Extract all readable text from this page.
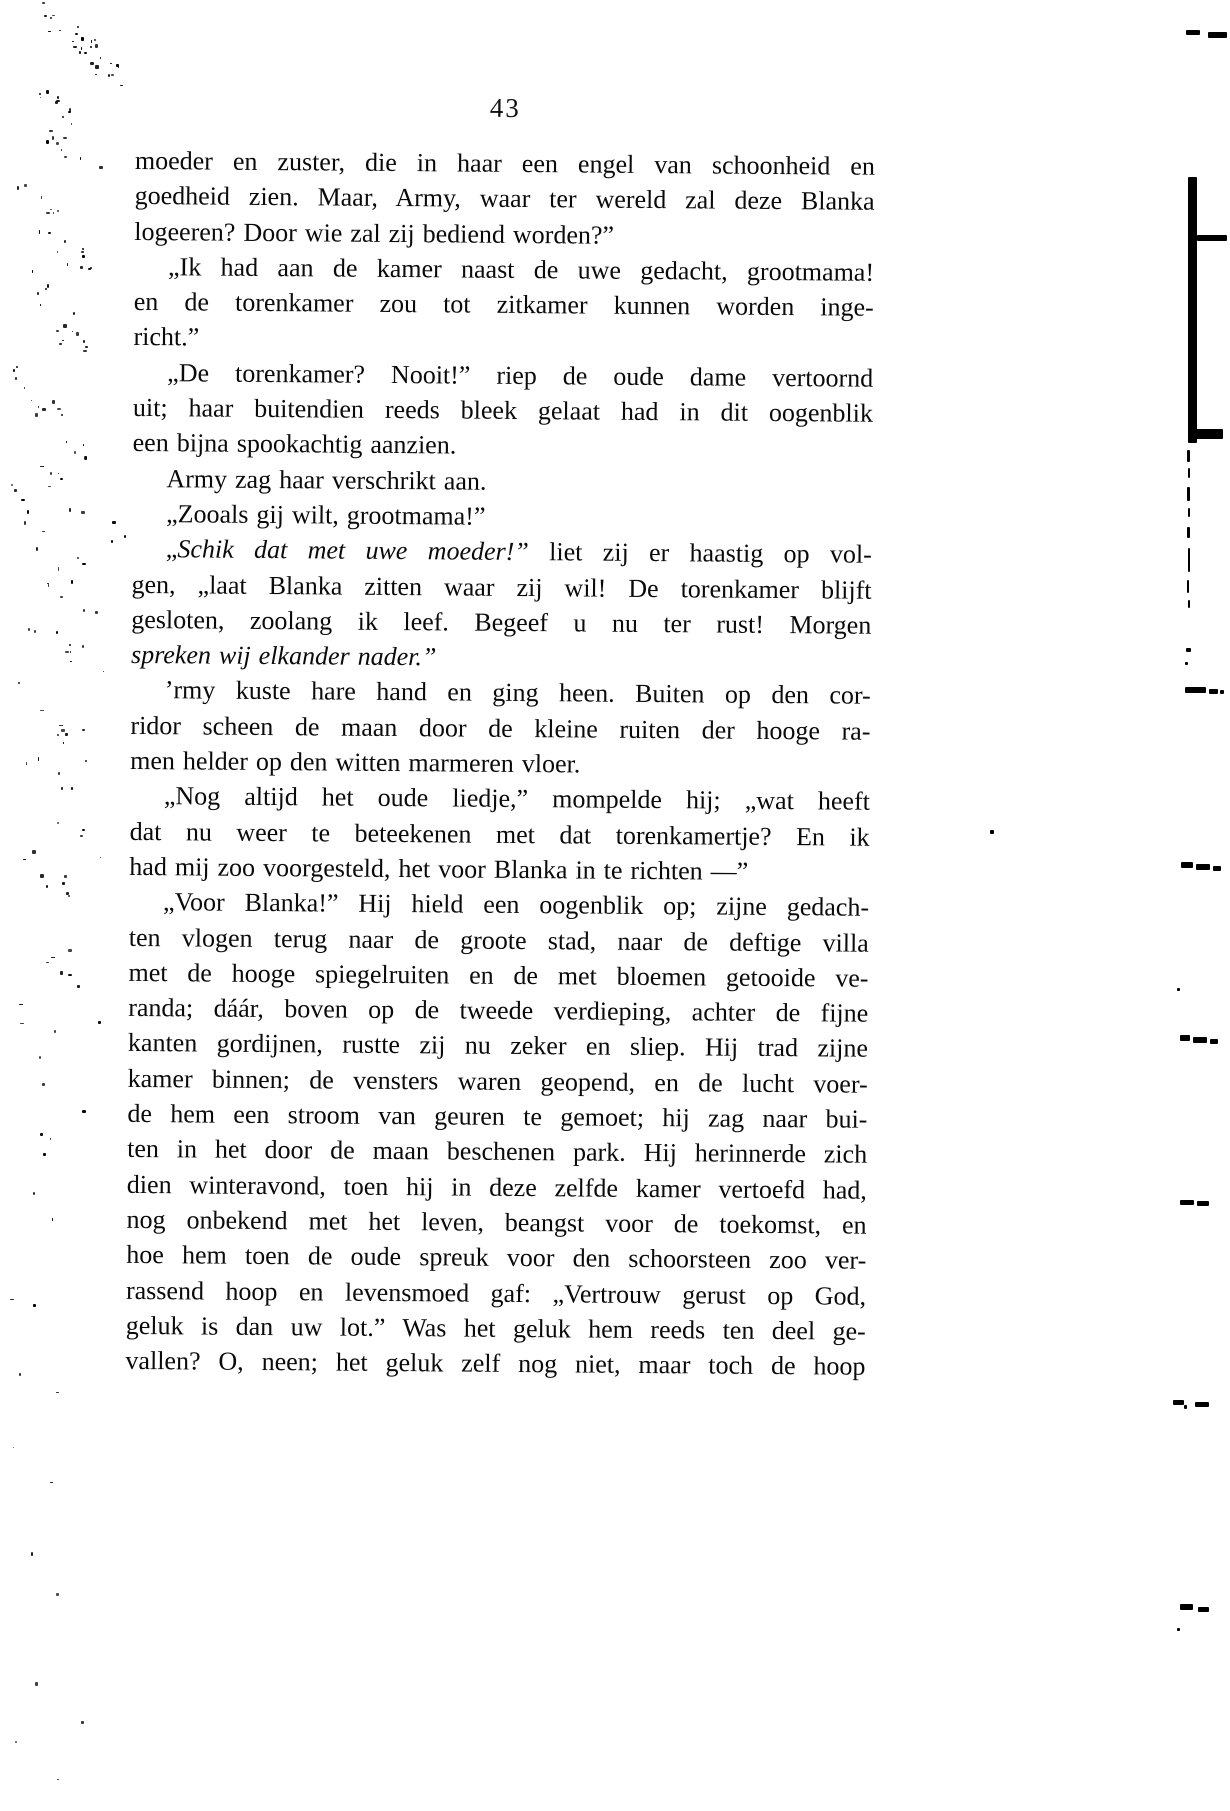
43
moeder en zuster, die in haar een engel van schoonheid en
goedheid zien. Maar, Army, waar ter wereld zal deze Blanka
logeeren? Door wie zal zij bediend worden?”
„Ik had aan de kamer naast de uwe gedacht, grootmama!
en de torenkamer zou tot zitkamer kunnen worden inge-
richt.”
„De torenkamer? Nooit!” riep de oude dame vertoornd
uit; haar buitendien reeds bleek gelaat had in dit oogenblik
een bijna spookachtig aanzien.
Army zag haar verschrikt aan.
„Zooals gij wilt, grootmama!”
„Schik dat met uwe moeder!” liet zij er haastig op vol-
gen, „laat Blanka zitten waar zij wil! De torenkamer blijft
gesloten, zoolang ik leef. Begeef u nu ter rust! Morgen
spreken wij elkander nader.”
’rmy kuste hare hand en ging heen. Buiten op den cor-
ridor scheen de maan door de kleine ruiten der hooge ra-
men helder op den witten marmeren vloer.
„Nog altijd het oude liedje,” mompelde hij; „wat heeft
dat nu weer te beteekenen met dat torenkamertje? En ik
had mij zoo voorgesteld, het voor Blanka in te richten —”
„Voor Blanka!” Hij hield een oogenblik op; zijne gedach-
ten vlogen terug naar de groote stad, naar de deftige villa
met de hooge spiegelruiten en de met bloemen getooide ve-
randa; dáár, boven op de tweede verdieping, achter de fijne
kanten gordijnen, rustte zij nu zeker en sliep. Hij trad zijne
kamer binnen; de vensters waren geopend, en de lucht voer-
de hem een stroom van geuren te gemoet; hij zag naar bui-
ten in het door de maan beschenen park. Hij herinnerde zich
dien winteravond, toen hij in deze zelfde kamer vertoefd had,
nog onbekend met het leven, beangst voor de toekomst, en
hoe hem toen de oude spreuk voor den schoorsteen zoo ver-
rassend hoop en levensmoed gaf: „Vertrouw gerust op God,
geluk is dan uw lot.” Was het geluk hem reeds ten deel ge-
vallen? O, neen; het geluk zelf nog niet, maar toch de hoop
